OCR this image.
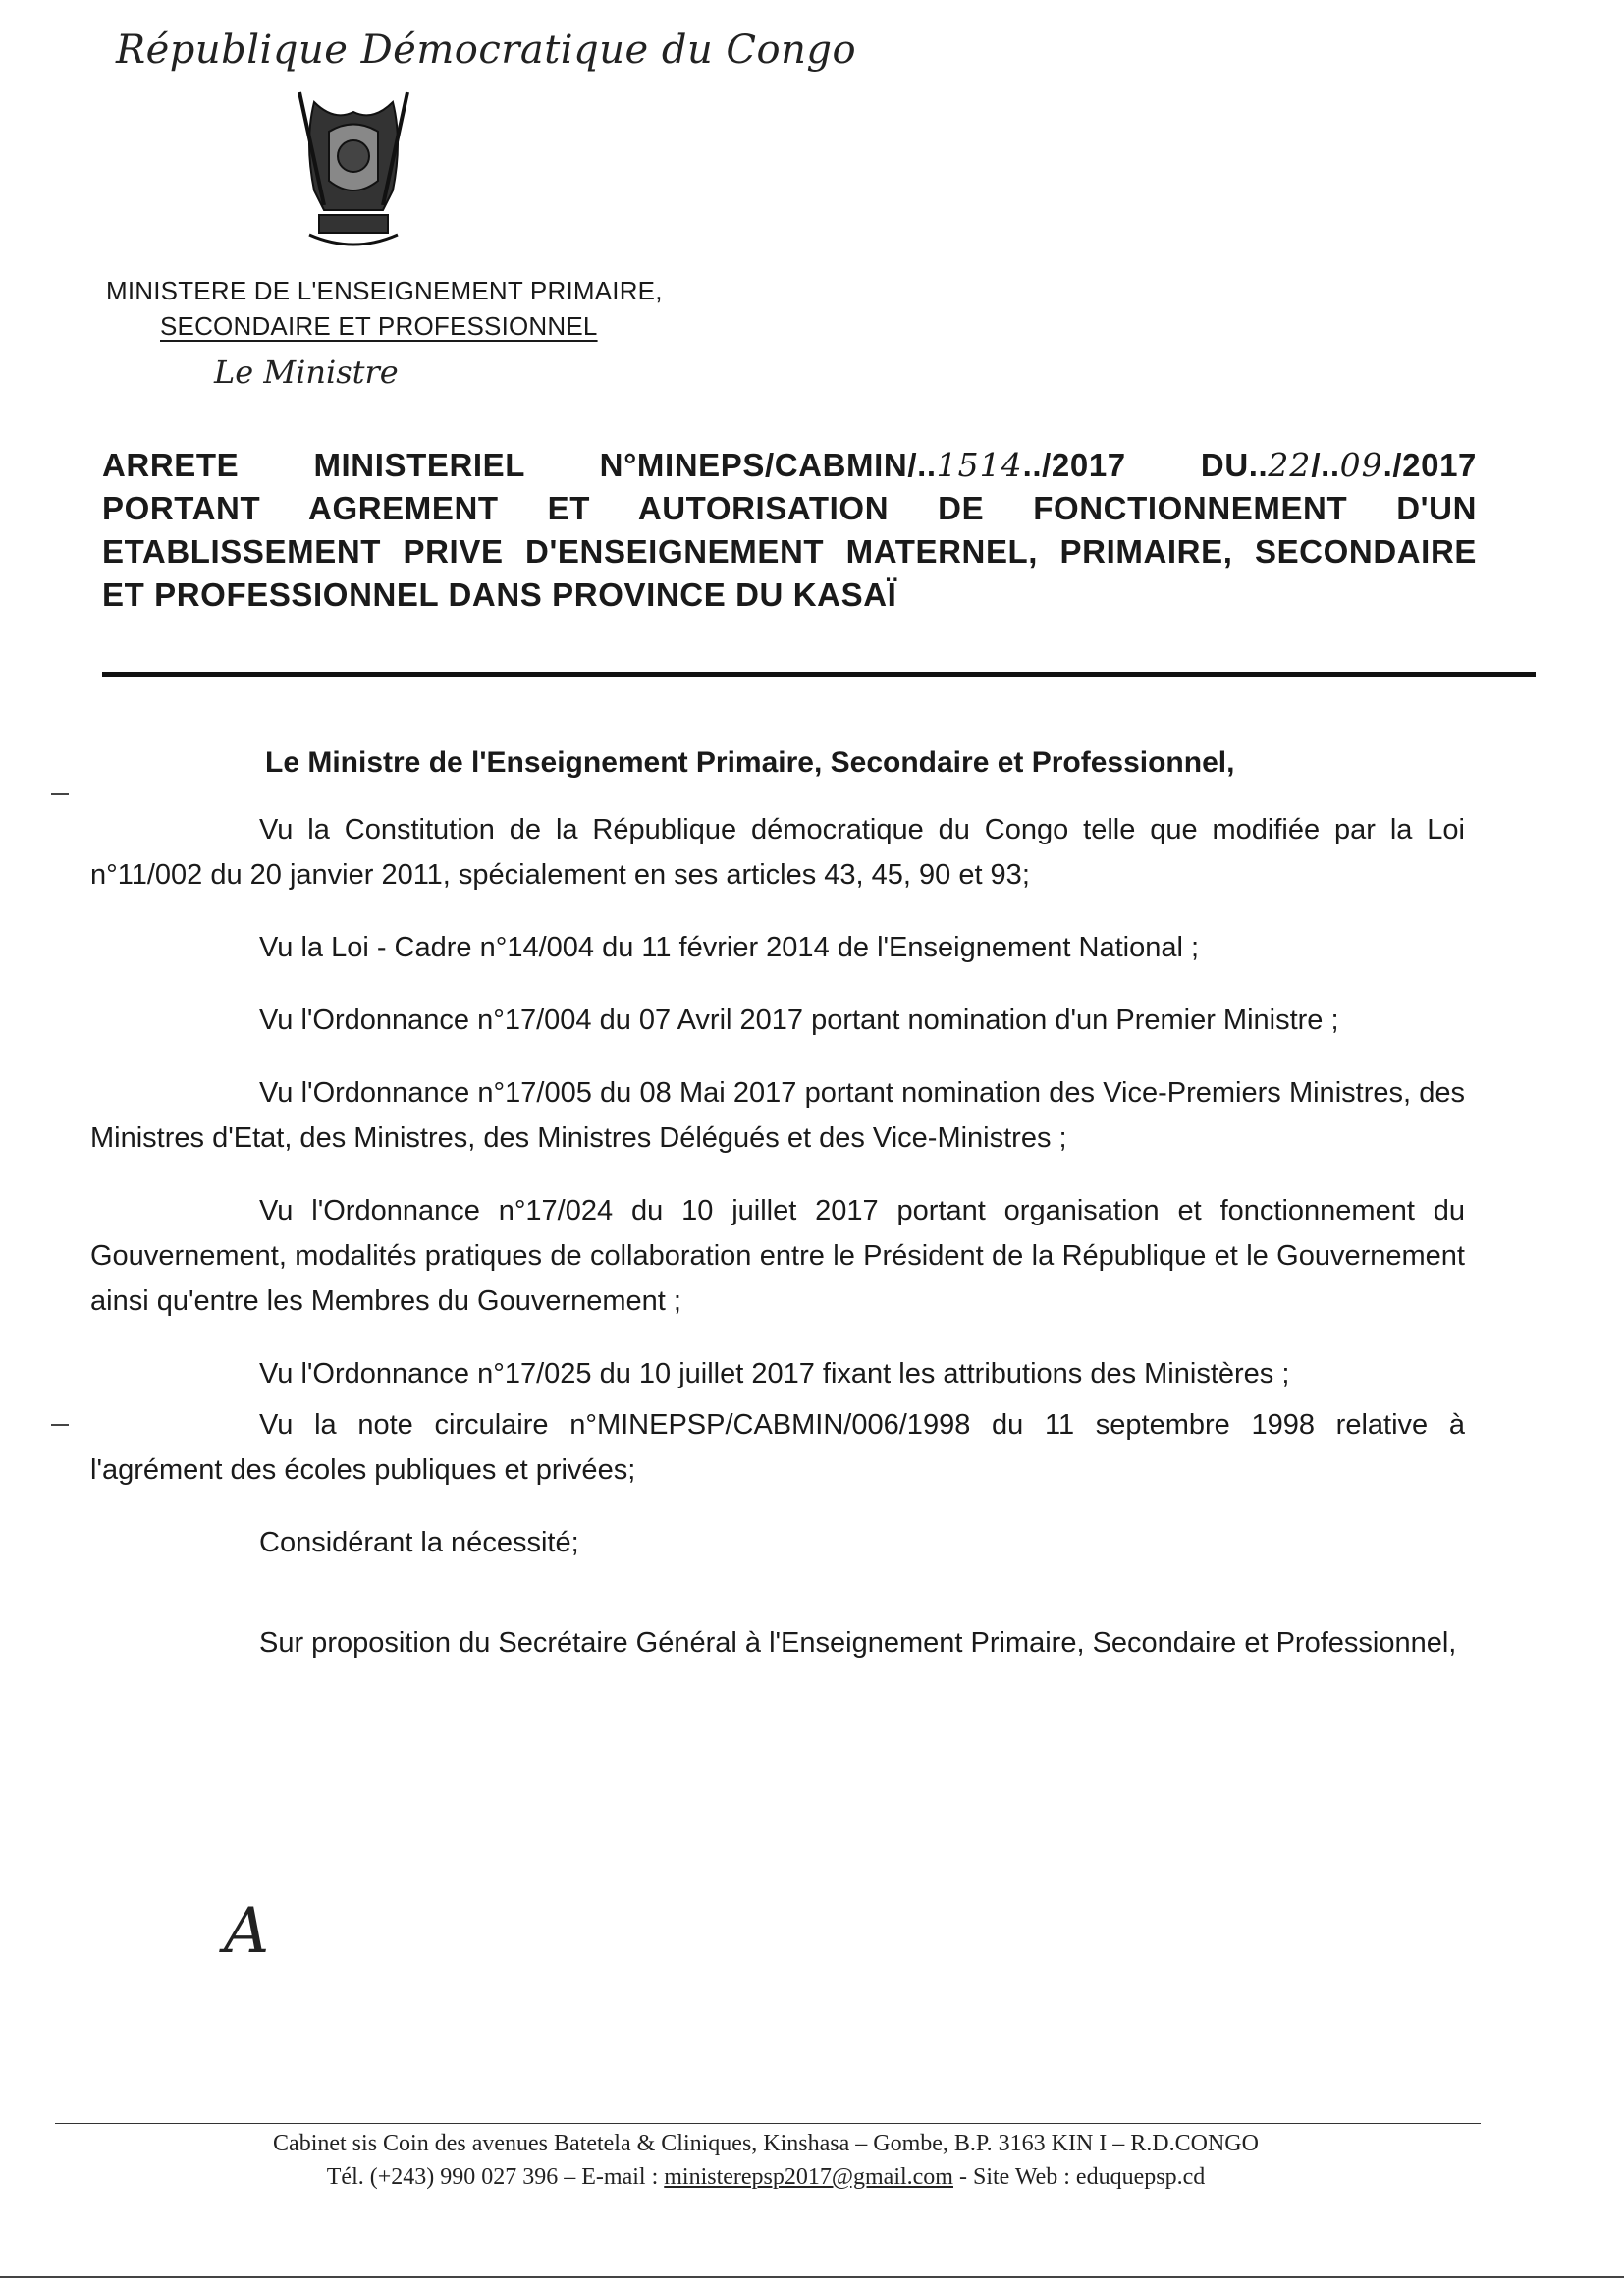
République Démocratique du Congo
MINISTERE DE L'ENSEIGNEMENT PRIMAIRE,
SECONDAIRE ET PROFESSIONNEL
Le Ministre
ARRETE MINISTERIEL N°MINEPS/CABMIN/..1514../2017 DU..22/..09./2017
PORTANT AGREMENT ET AUTORISATION DE FONCTIONNEMENT D'UN
ETABLISSEMENT PRIVE D'ENSEIGNEMENT MATERNEL, PRIMAIRE, SECONDAIRE
ET PROFESSIONNEL DANS PROVINCE DU KASAÏ
Le Ministre de l'Enseignement Primaire, Secondaire et Professionnel,

Vu la Constitution de la République démocratique du Congo telle que modifiée par la Loi n°11/002 du 20 janvier 2011, spécialement en ses articles 43, 45, 90 et 93;

Vu la Loi - Cadre n°14/004 du 11 février 2014 de l'Enseignement National ;

Vu l'Ordonnance n°17/004 du 07 Avril 2017 portant nomination d'un Premier Ministre ;

Vu l'Ordonnance n°17/005 du 08 Mai 2017 portant nomination des Vice-Premiers Ministres, des Ministres d'Etat, des Ministres, des Ministres Délégués et des Vice-Ministres ;

Vu l'Ordonnance n°17/024 du 10 juillet 2017 portant organisation et fonctionnement du Gouvernement, modalités pratiques de collaboration entre le Président de la République et le Gouvernement ainsi qu'entre les Membres du Gouvernement ;

Vu l'Ordonnance n°17/025 du 10 juillet 2017 fixant les attributions des Ministères ;

Vu la note circulaire n°MINEPSP/CABMIN/006/1998 du 11 septembre 1998 relative à l'agrément des écoles publiques et privées;

Considérant la nécessité;

Sur proposition du Secrétaire Général à l'Enseignement Primaire, Secondaire et Professionnel,

A
Cabinet sis Coin des avenues Batetela & Cliniques, Kinshasa – Gombe, B.P. 3163 KIN I – R.D.CONGO
Tél. (+243) 990 027 396 – E-mail : ministerepsp2017@gmail.com - Site Web : eduquepsp.cd
